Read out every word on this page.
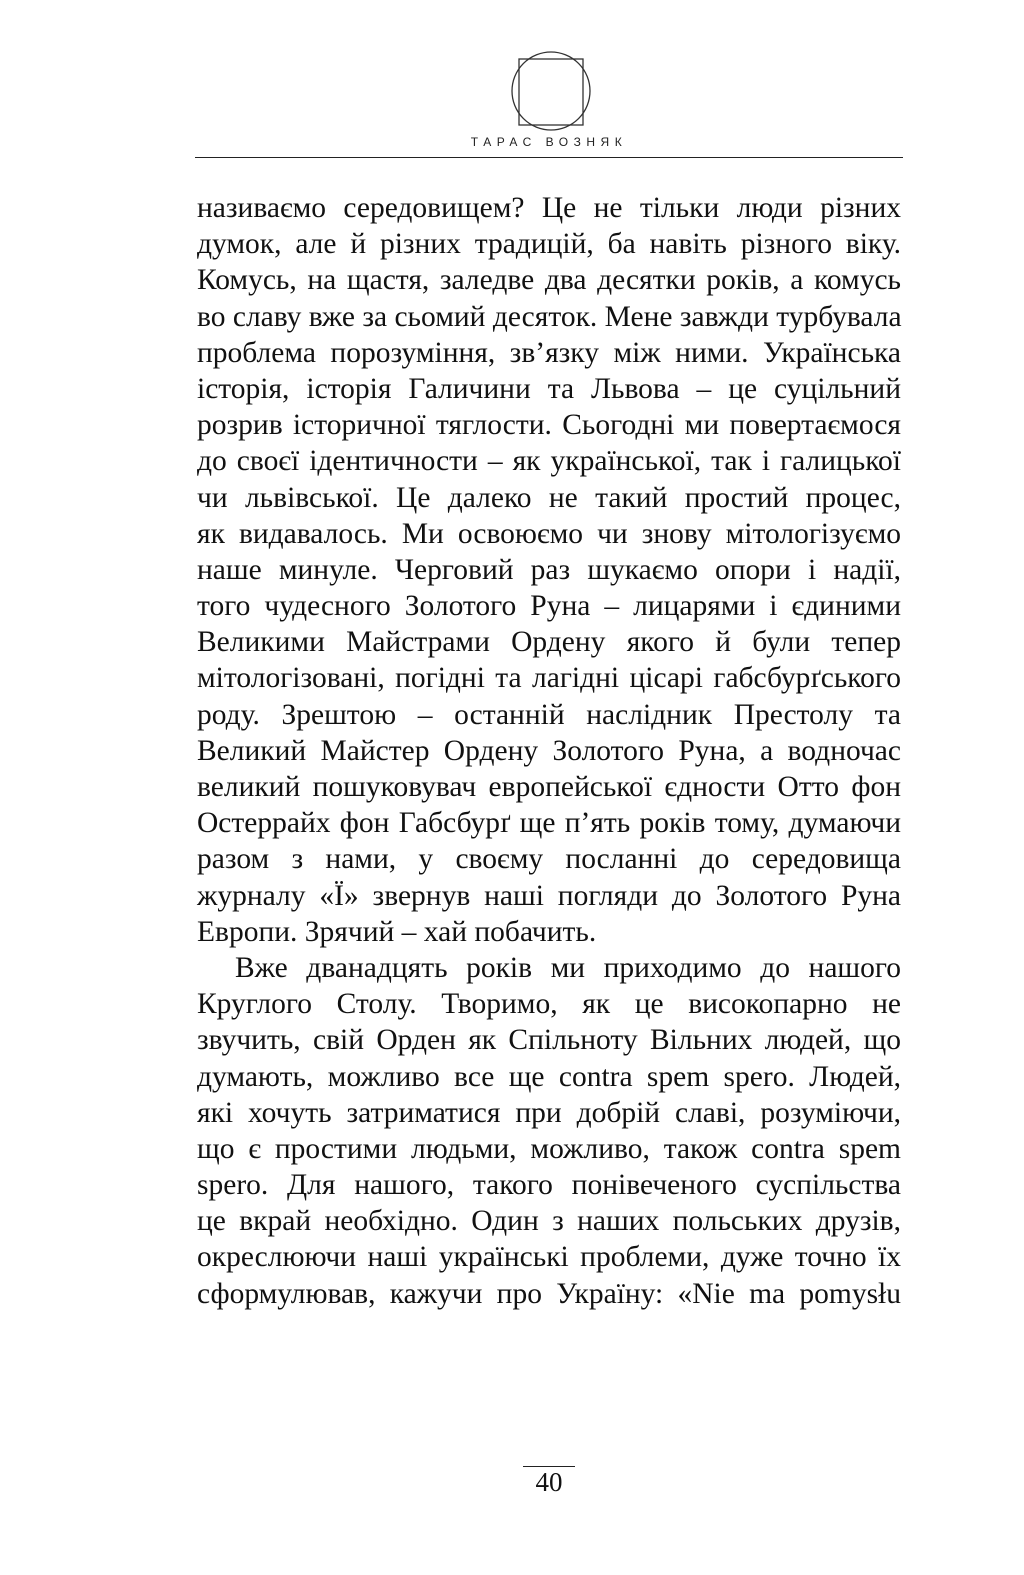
ТАРАС ВОЗНЯК
називаємо середовищем? Це не тільки люди різних
думок, але й різних традицій, ба навіть різного віку.
Комусь, на щастя, заледве два десятки років, а комусь
во славу вже за сьомий десяток. Мене завжди турбувала
проблема порозуміння, зв’язку між ними. Українська
історія, історія Галичини та Львова – це суцільний
розрив історичної тяглости. Сьогодні ми повертаємося
до своєї ідентичности – як української, так і галицької
чи львівської. Це далеко не такий простий процес,
як видавалось. Ми освоюємо чи знову мітологізуємо
наше минуле. Черговий раз шукаємо опори і надії,
того чудесного Золотого Руна – лицарями і єдиними
Великими Майстрами Ордену якого й були тепер
мітологізовані, погідні та лагідні цісарі габсбурґського
роду. Зрештою – останній наслідник Престолу та
Великий Майстер Ордену Золотого Руна, а водночас
великий пошуковувач европейської єдности Отто фон
Остеррайх фон Габсбурґ ще п’ять років тому, думаючи
разом з нами, у своєму посланні до середовища
журналу «Ї» звернув наші погляди до Золотого Руна
Европи. Зрячий – хай побачить.
Вже дванадцять років ми приходимо до нашого
Круглого Столу. Творимо, як це високопарно не
звучить, свій Орден як Спільноту Вільних людей, що
думають, можливо все ще contra spem spero. Людей,
які хочуть затриматися при добрій славі, розуміючи,
що є простими людьми, можливо, також contra spem
spero. Для нашого, такого понівеченого суспільства
це вкрай необхідно. Один з наших польських друзів,
окреслюючи наші українські проблеми, дуже точно їх
сформулював, кажучи про Україну: «Nie ma pomysłu
40
